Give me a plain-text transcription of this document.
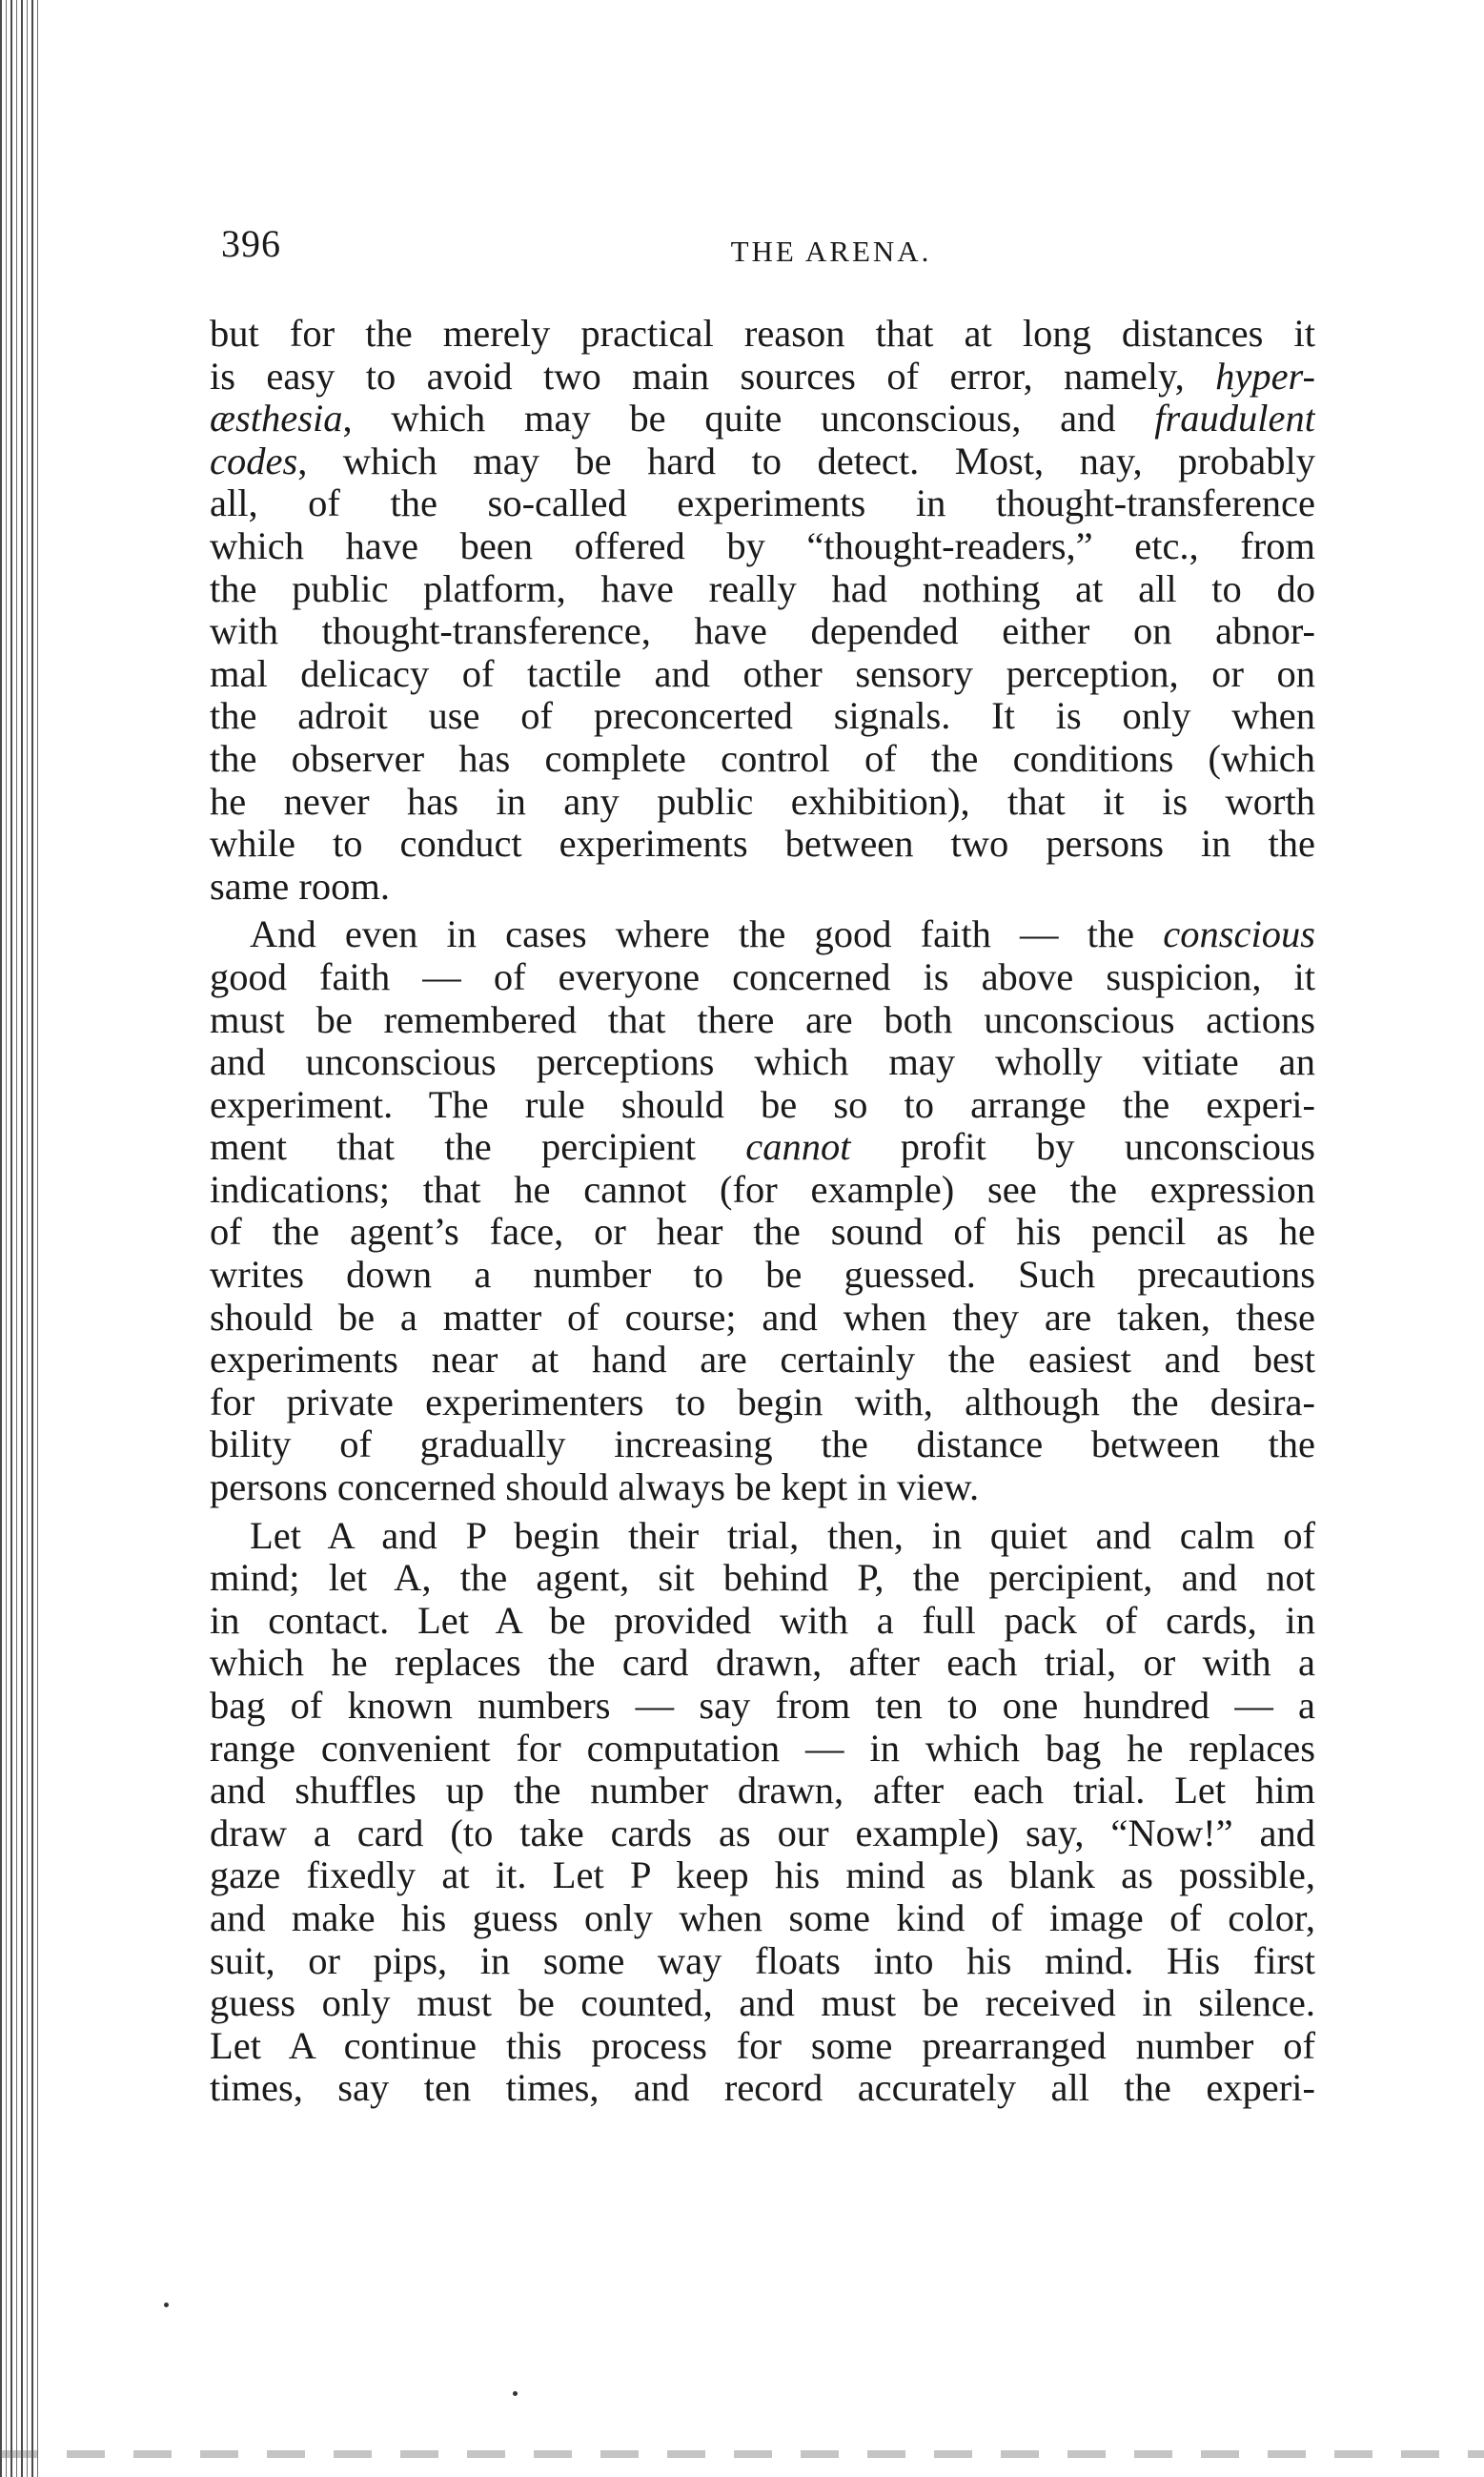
396	THE ARENA.
but for the merely practical reason that at long distances it
is easy to avoid two main sources of error, namely, hyper-
æsthesia, which may be quite unconscious, and fraudulent
codes, which may be hard to detect. Most, nay, probably
all, of the so-called experiments in thought-transference
which have been offered by “thought-readers,” etc., from
the public platform, have really had nothing at all to do
with thought-transference, have depended either on abnor-
mal delicacy of tactile and other sensory perception, or on
the adroit use of preconcerted signals. It is only when
the observer has complete control of the conditions (which
he never has in any public exhibition), that it is worth
while to conduct experiments between two persons in the
same room.
And even in cases where the good faith — the conscious
good faith — of everyone concerned is above suspicion, it
must be remembered that there are both unconscious actions
and unconscious perceptions which may wholly vitiate an
experiment. The rule should be so to arrange the experi-
ment that the percipient cannot profit by unconscious
indications; that he cannot (for example) see the expression
of the agent’s face, or hear the sound of his pencil as he
writes down a number to be guessed. Such precautions
should be a matter of course; and when they are taken, these
experiments near at hand are certainly the easiest and best
for private experimenters to begin with, although the desira-
bility of gradually increasing the distance between the
persons concerned should always be kept in view.
Let A and P begin their trial, then, in quiet and calm of
mind; let A, the agent, sit behind P, the percipient, and not
in contact. Let A be provided with a full pack of cards, in
which he replaces the card drawn, after each trial, or with a
bag of known numbers — say from ten to one hundred — a
range convenient for computation — in which bag he replaces
and shuffles up the number drawn, after each trial. Let him
draw a card (to take cards as our example) say, “Now!” and
gaze fixedly at it. Let P keep his mind as blank as possible,
and make his guess only when some kind of image of color,
suit, or pips, in some way floats into his mind. His first
guess only must be counted, and must be received in silence.
Let A continue this process for some prearranged number of
times, say ten times, and record accurately all the experi-
